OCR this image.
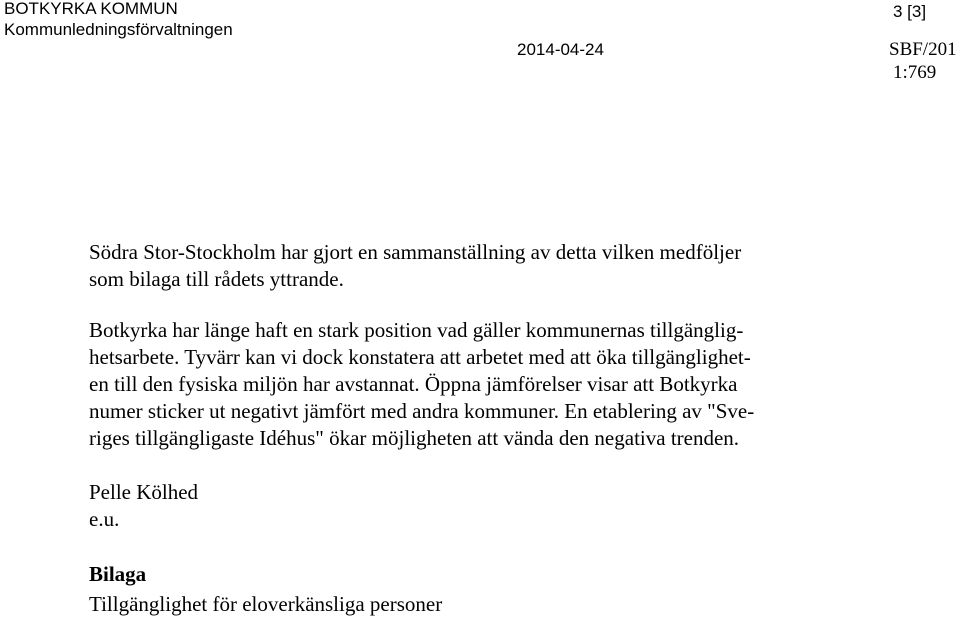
BOTKYRKA KOMMUN
Kommunledningsförvaltningen
3 [3]
2014-04-24	SBF/201
1:769
Södra Stor-Stockholm har gjort en sammanställning av detta vilken medföljer
som bilaga till rådets yttrande.
Botkyrka har länge haft en stark position vad gäller kommunernas tillgänglig-
hetsarbete. Tyvärr kan vi dock konstatera att arbetet med att öka tillgänglighet-
en till den fysiska miljön har avstannat. Öppna jämförelser visar att Botkyrka
numer sticker ut negativt jämfört med andra kommuner. En etablering av "Sve-
riges tillgängligaste Idéhus" ökar möjligheten att vända den negativa trenden.
Pelle Kölhed
e.u.
Bilaga
Tillgänglighet för eloverkänsliga personer
